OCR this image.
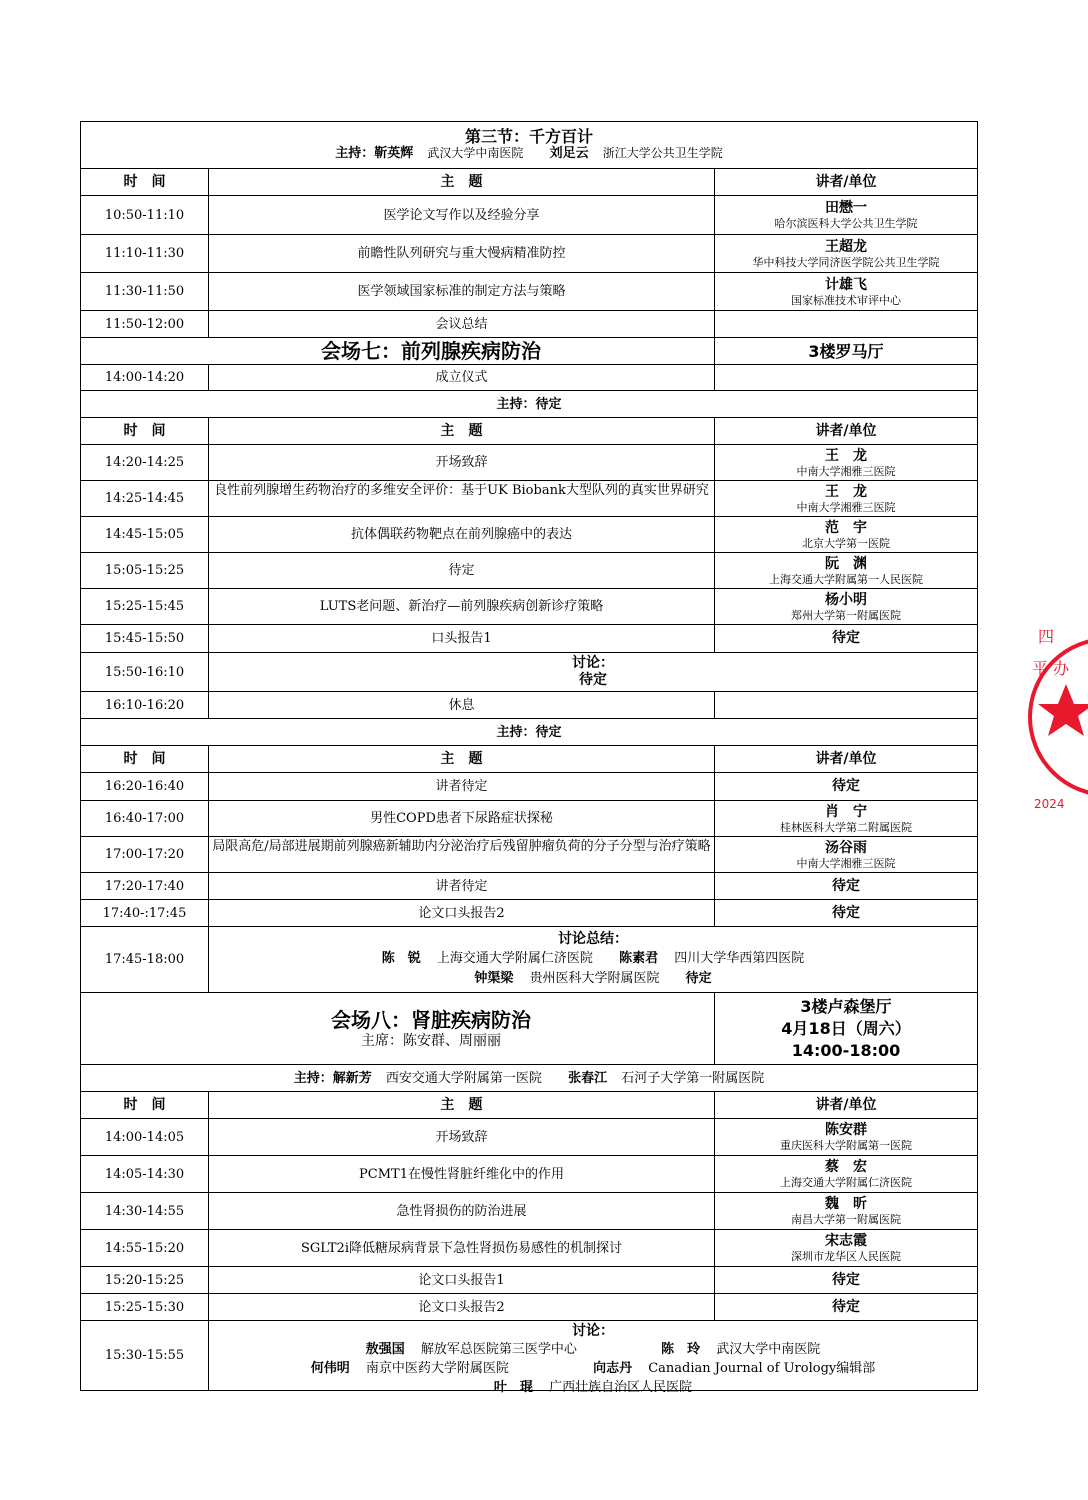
第三节：千方百计
主持：靳英辉 武汉大学中南医院 刘足云 浙江大学公共卫生学院		

时　间	主　题	讲者/单位
10:50-11:10	医学论文写作以及经验分享	田懋一
哈尔滨医科大学公共卫生学院

11:10-11:30	前瞻性队列研究与重大慢病精准防控	王超龙
华中科技大学同济医学院公共卫生学院

11:30-11:50	医学领域国家标准的制定方法与策略	计雄飞
国家标准技术审评中心

11:50-12:00	会议总结	
会场七：前列腺疾病防治		3楼罗马厅
14:00-14:20	成立仪式	
主持：待定		
时　间	主　题	讲者/单位
14:20-14:25	开场致辞	王　龙
中南大学湘雅三医院

14:25-14:45	良性前列腺增生药物治疗的多维安全评价：基于UK Biobank大型队列的真实世界研究	王　龙
中南大学湘雅三医院

14:45-15:05	抗体偶联药物靶点在前列腺癌中的表达	范　宇
北京大学第一医院

15:05-15:25	待定	阮　渊
上海交通大学附属第一人民医院

15:25-15:45	LUTS老问题、新治疗—前列腺疾病创新诊疗策略	杨小明
郑州大学第一附属医院

15:45-15:50	口头报告1	待定

15:50-16:10	讨论：
待定	

16:10-16:20	休息	
主持：待定		
时　间	主　题	讲者/单位
16:20-16:40	讲者待定	待定

16:40-17:00	男性COPD患者下尿路症状探秘	肖　宁
桂林医科大学第二附属医院

17:00-17:20	局限高危/局部进展期前列腺癌新辅助内分泌治疗后残留肿瘤负荷的分子分型与治疗策略	汤谷雨
中南大学湘雅三医院

17:20-17:40	讲者待定	待定

17:40-:17:45	论文口头报告2	待定

17:45-18:00	讨论总结：
陈　锐 上海交通大学附属仁济医院 陈素君 四川大学华西第四医院
钟渠梁 贵州医科大学附属医院 待定	

会场八：肾脏疾病防治
主席：陈安群、周丽丽		3楼卢森堡厅
4月18日（周六）
14:00-18:00

主持：解新芳 西安交通大学附属第一医院 张春江 石河子大学第一附属医院		
时　间	主　题	讲者/单位
14:00-14:05	开场致辞	陈安群
重庆医科大学附属第一医院

14:05-14:30	PCMT1在慢性肾脏纤维化中的作用	蔡　宏
上海交通大学附属仁济医院

14:30-14:55	急性肾损伤的防治进展	魏　昕
南昌大学第一附属医院

14:55-15:20	SGLT2i降低糖尿病背景下急性肾损伤易感性的机制探讨	宋志霞
深圳市龙华区人民医院

15:20-15:25	论文口头报告1	待定

15:25-15:30	论文口头报告2	待定

15:30-15:55	讨论：
敖强国 解放军总医院第三医学中心 陈　玲 武汉大学中南医院
何伟明 南京中医药大学附属医院 向志丹 Canadian Journal of Urology编辑部
叶　琨 广西壮族自治区人民医院	
四
平 办
2024
